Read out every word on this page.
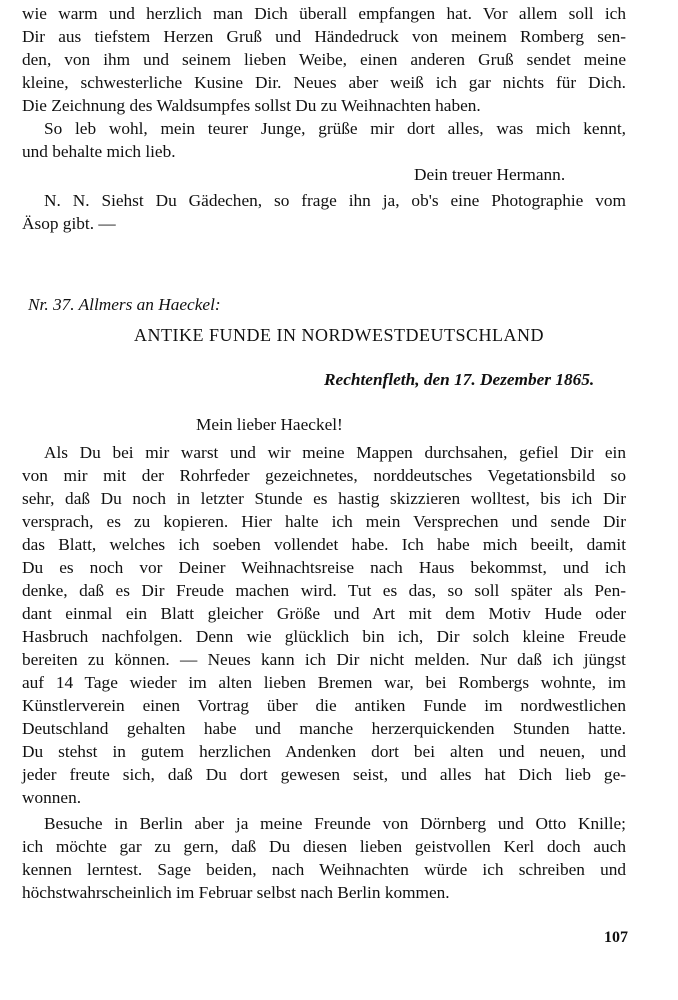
wie warm und herzlich man Dich überall empfangen hat. Vor allem soll ich
Dir aus tiefstem Herzen Gruß und Händedruck von meinem Romberg sen-
den, von ihm und seinem lieben Weibe, einen anderen Gruß sendet meine
kleine, schwesterliche Kusine Dir. Neues aber weiß ich gar nichts für Dich.
Die Zeichnung des Waldsumpfes sollst Du zu Weihnachten haben.
So leb wohl, mein teurer Junge, grüße mir dort alles, was mich kennt,
und behalte mich lieb.
Dein treuer Hermann.
N. N. Siehst Du Gädechen, so frage ihn ja, ob's eine Photographie vom
Äsop gibt. —
Nr. 37. Allmers an Haeckel:
ANTIKE FUNDE IN NORDWESTDEUTSCHLAND
Rechtenfleth, den 17. Dezember 1865.
Mein lieber Haeckel!
Als Du bei mir warst und wir meine Mappen durchsahen, gefiel Dir ein
von mir mit der Rohrfeder gezeichnetes, norddeutsches Vegetationsbild so
sehr, daß Du noch in letzter Stunde es hastig skizzieren wolltest, bis ich Dir
versprach, es zu kopieren. Hier halte ich mein Versprechen und sende Dir
das Blatt, welches ich soeben vollendet habe. Ich habe mich beeilt, damit
Du es noch vor Deiner Weihnachtsreise nach Haus bekommst, und ich
denke, daß es Dir Freude machen wird. Tut es das, so soll später als Pen-
dant einmal ein Blatt gleicher Größe und Art mit dem Motiv Hude oder
Hasbruch nachfolgen. Denn wie glücklich bin ich, Dir solch kleine Freude
bereiten zu können. — Neues kann ich Dir nicht melden. Nur daß ich jüngst
auf 14 Tage wieder im alten lieben Bremen war, bei Rombergs wohnte, im
Künstlerverein einen Vortrag über die antiken Funde im nordwestlichen
Deutschland gehalten habe und manche herzerquickenden Stunden hatte.
Du stehst in gutem herzlichen Andenken dort bei alten und neuen, und
jeder freute sich, daß Du dort gewesen seist, und alles hat Dich lieb ge-
wonnen.
Besuche in Berlin aber ja meine Freunde von Dörnberg und Otto Knille;
ich möchte gar zu gern, daß Du diesen lieben geistvollen Kerl doch auch
kennen lerntest. Sage beiden, nach Weihnachten würde ich schreiben und
höchstwahrscheinlich im Februar selbst nach Berlin kommen.
107
